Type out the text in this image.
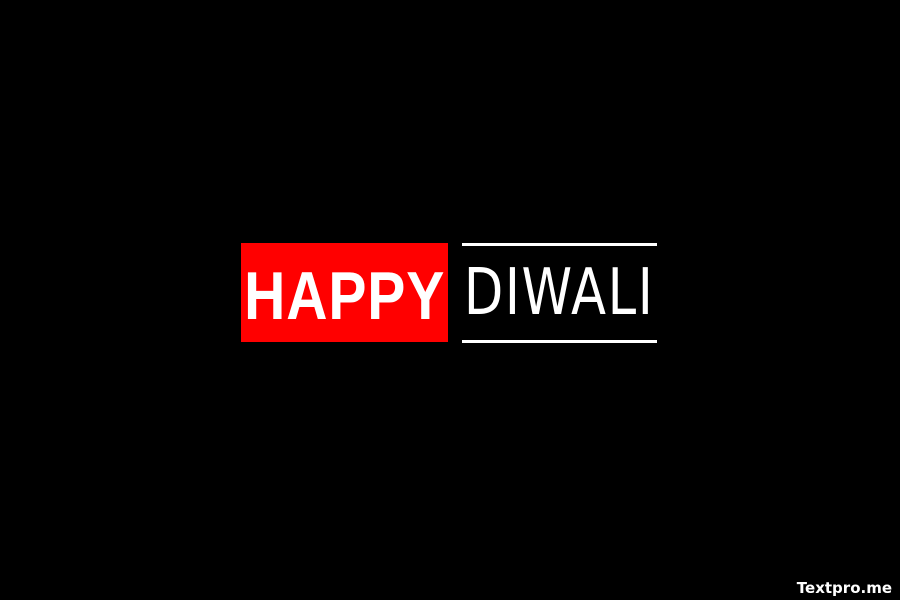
HAPPY DIWALI
Textpro.me
